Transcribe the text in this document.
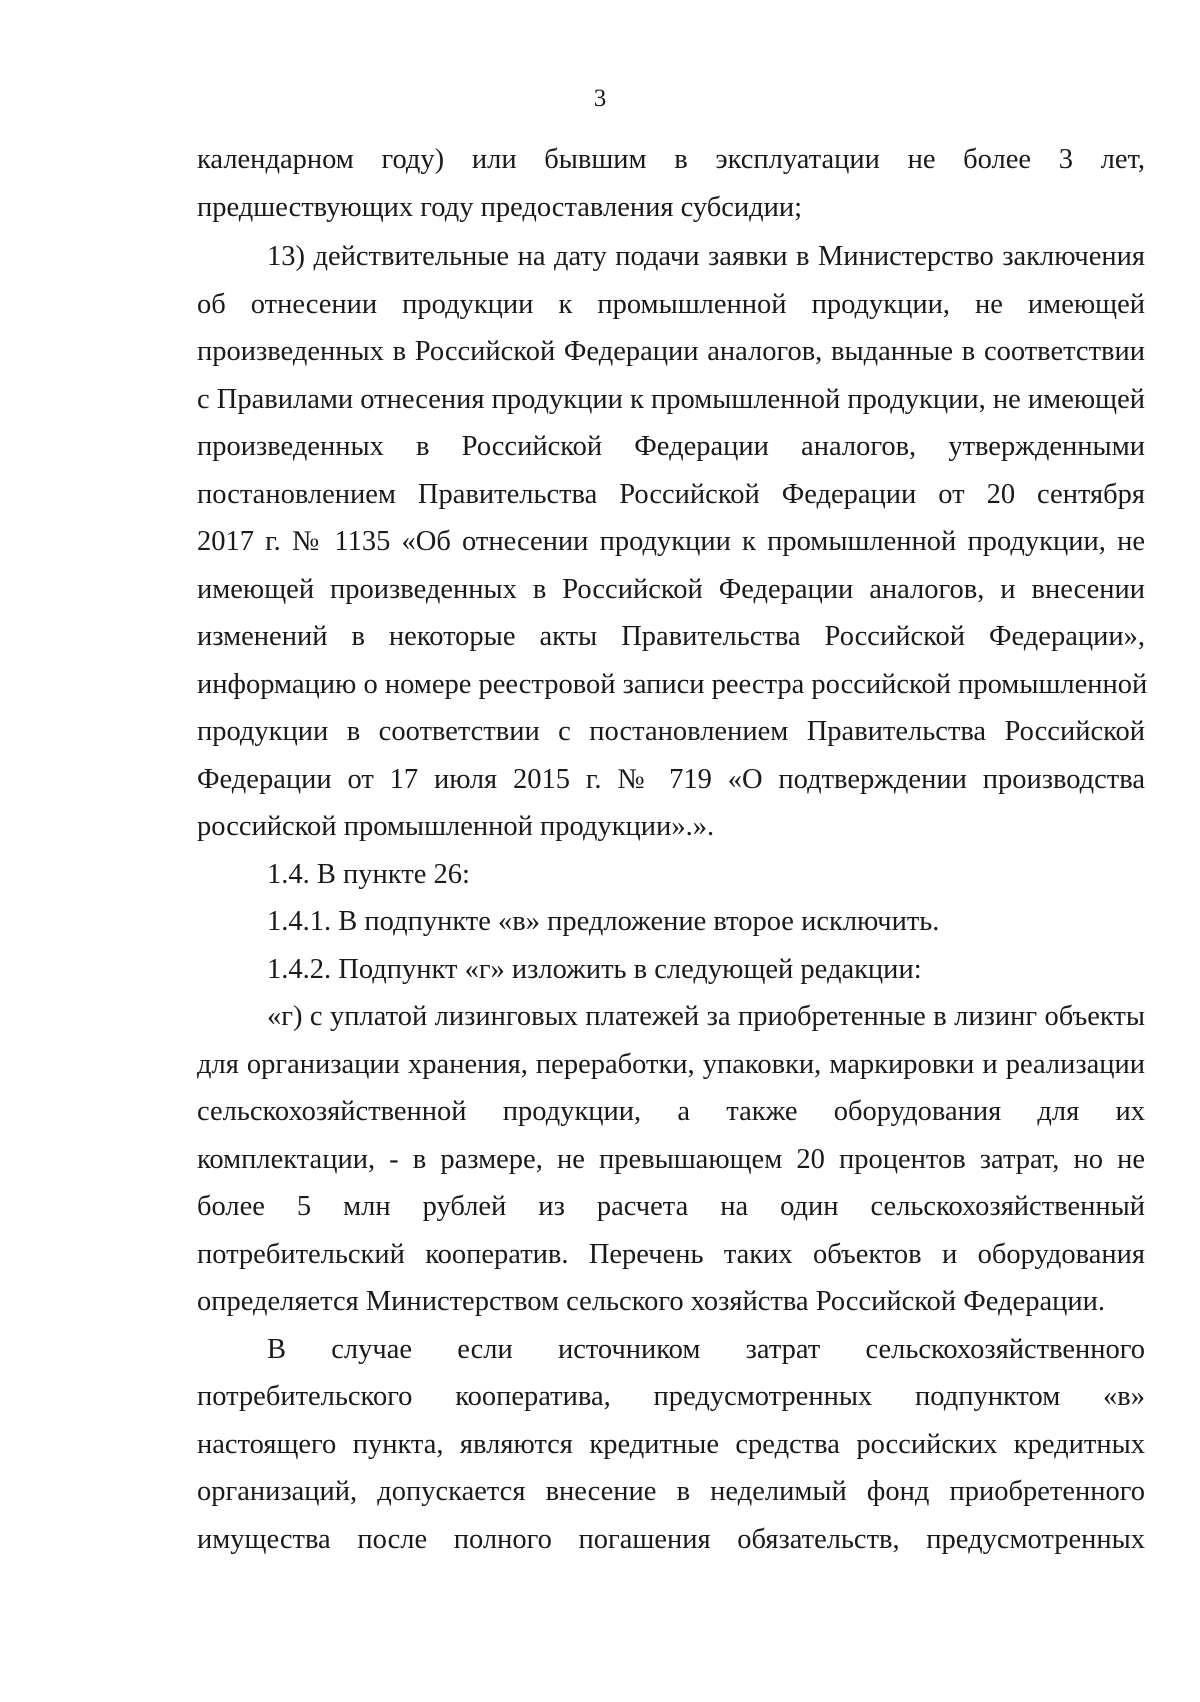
3
календарном году) или бывшим в эксплуатации не более 3 лет,
предшествующих году предоставления субсидии;
13) действительные на дату подачи заявки в Министерство заключения
об отнесении продукции к промышленной продукции, не имеющей
произведенных в Российской Федерации аналогов, выданные в соответствии
с Правилами отнесения продукции к промышленной продукции, не имеющей
произведенных в Российской Федерации аналогов, утвержденными
постановлением Правительства Российской Федерации от 20 сентября
2017 г. № 1135 «Об отнесении продукции к промышленной продукции, не
имеющей произведенных в Российской Федерации аналогов, и внесении
изменений в некоторые акты Правительства Российской Федерации»,
информацию о номере реестровой записи реестра российской промышленной
продукции в соответствии с постановлением Правительства Российской
Федерации от 17 июля 2015 г. № 719 «О подтверждении производства
российской промышленной продукции».».
1.4. В пункте 26:
1.4.1. В подпункте «в» предложение второе исключить.
1.4.2. Подпункт «г» изложить в следующей редакции:
«г) с уплатой лизинговых платежей за приобретенные в лизинг объекты
для организации хранения, переработки, упаковки, маркировки и реализации
сельскохозяйственной продукции, а также оборудования для их
комплектации, - в размере, не превышающем 20 процентов затрат, но не
более 5 млн рублей из расчета на один сельскохозяйственный
потребительский кооператив. Перечень таких объектов и оборудования
определяется Министерством сельского хозяйства Российской Федерации.
В случае если источником затрат сельскохозяйственного
потребительского кооператива, предусмотренных подпунктом «в»
настоящего пункта, являются кредитные средства российских кредитных
организаций, допускается внесение в неделимый фонд приобретенного
имущества после полного погашения обязательств, предусмотренных
